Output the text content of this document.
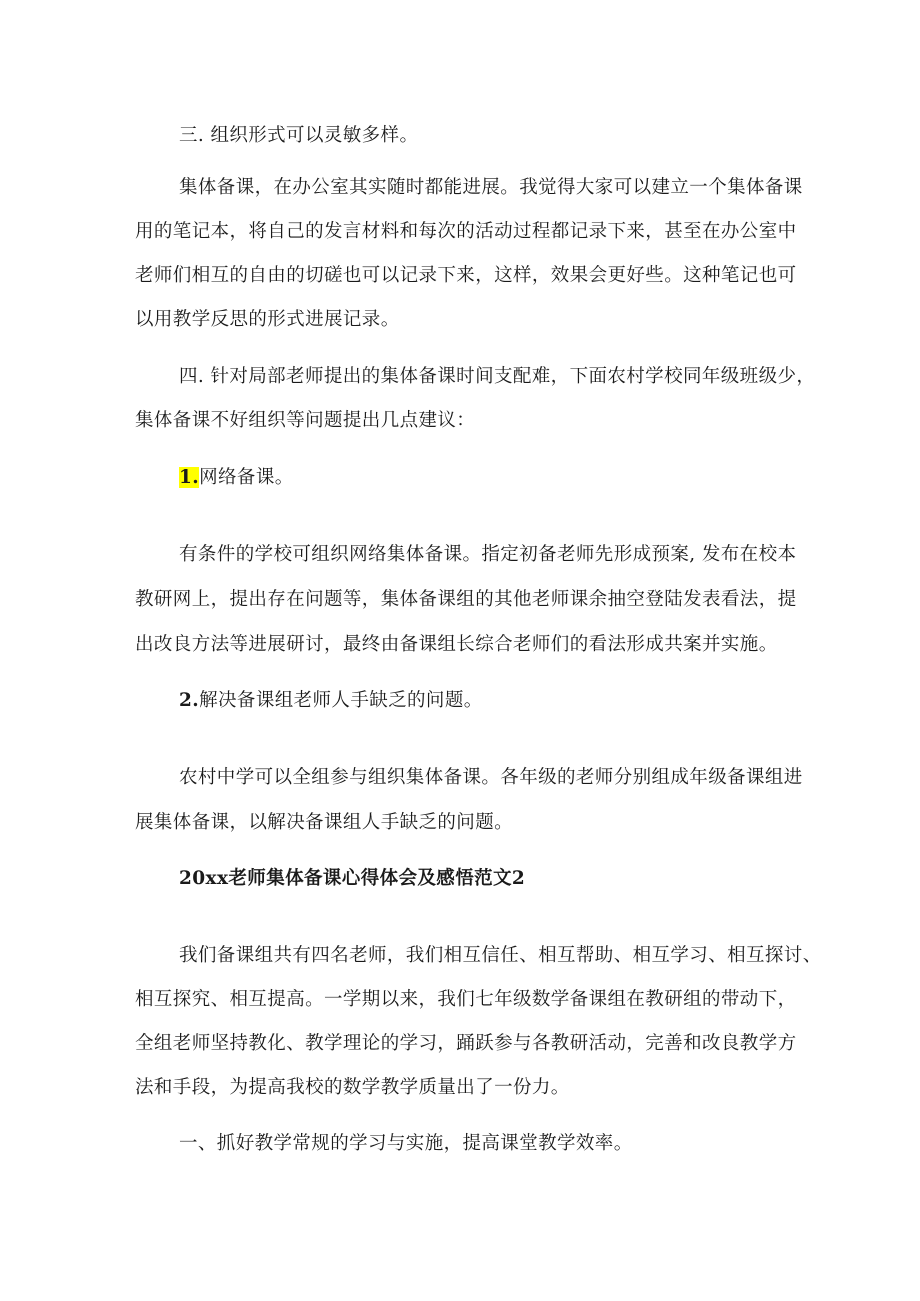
三. 组织形式可以灵敏多样。
集体备课，在办公室其实随时都能进展。我觉得大家可以建立一个集体备课
用的笔记本，将自己的发言材料和每次的活动过程都记录下来，甚至在办公室中
老师们相互的自由的切磋也可以记录下来，这样，效果会更好些。这种笔记也可
以用教学反思的形式进展记录。
四. 针对局部老师提出的集体备课时间支配难，下面农村学校同年级班级少，
集体备课不好组织等问题提出几点建议：
1.网络备课。
有条件的学校可组织网络集体备课。指定初备老师先形成预案, 发布在校本
教研网上，提出存在问题等，集体备课组的其他老师课余抽空登陆发表看法，提
出改良方法等进展研讨，最终由备课组长综合老师们的看法形成共案并实施。
2.解决备课组老师人手缺乏的问题。
农村中学可以全组参与组织集体备课。各年级的老师分别组成年级备课组进
展集体备课，以解决备课组人手缺乏的问题。
20xx老师集体备课心得体会及感悟范文2
我们备课组共有四名老师，我们相互信任、相互帮助、相互学习、相互探讨、
相互探究、相互提高。一学期以来，我们七年级数学备课组在教研组的带动下，
全组老师坚持教化、教学理论的学习，踊跃参与各教研活动，完善和改良教学方
法和手段，为提高我校的数学教学质量出了一份力。
一、抓好教学常规的学习与实施，提高课堂教学效率。
